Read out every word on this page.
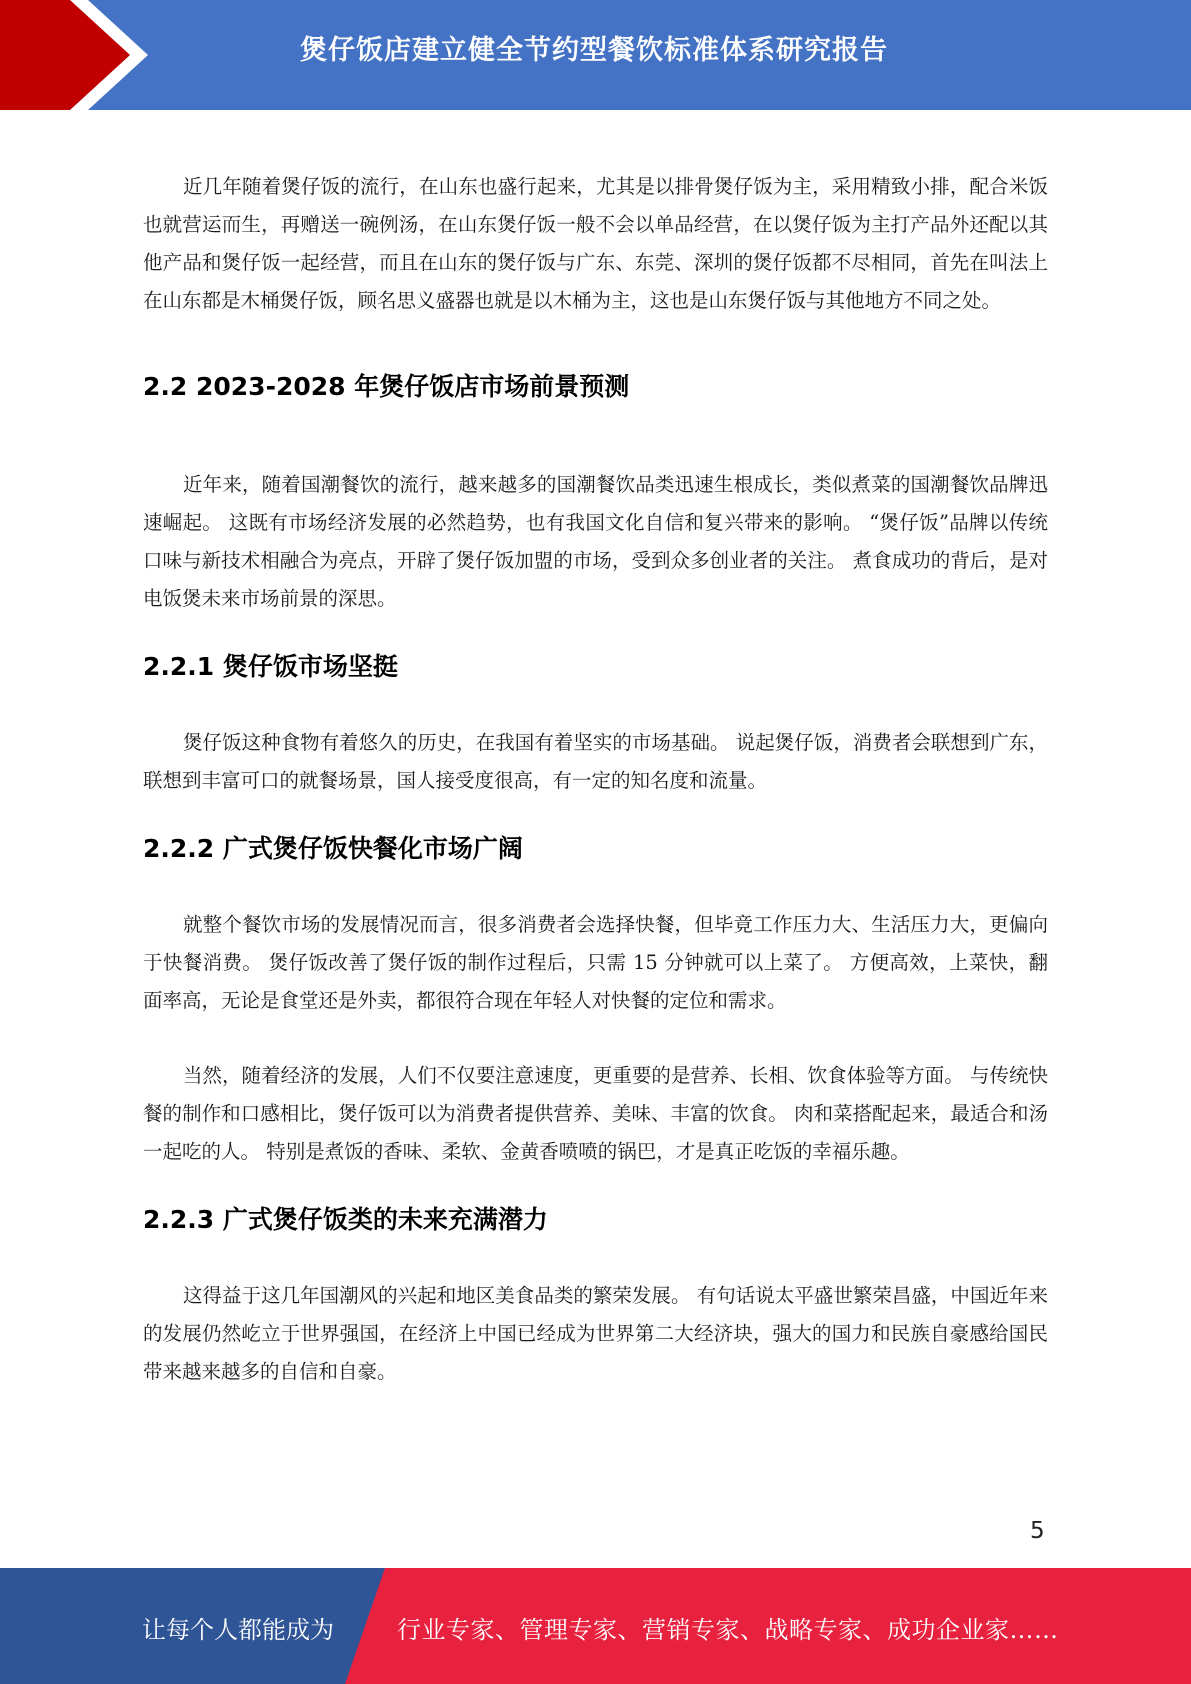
煲仔饭店建立健全节约型餐饮标准体系研究报告

近几年随着煲仔饭的流行，在山东也盛行起来，尤其是以排骨煲仔饭为主，采用精致小排，配合米饭也就营运而生，再赠送一碗例汤，在山东煲仔饭一般不会以单品经营，在以煲仔饭为主打产品外还配以其他产品和煲仔饭一起经营，而且在山东的煲仔饭与广东、东莞、深圳的煲仔饭都不尽相同，首先在叫法上在山东都是木桶煲仔饭，顾名思义盛器也就是以木桶为主，这也是山东煲仔饭与其他地方不同之处。

2.2 2023-2028 年煲仔饭店市场前景预测

近年来，随着国潮餐饮的流行，越来越多的国潮餐饮品类迅速生根成长，类似煮菜的国潮餐饮品牌迅速崛起。 这既有市场经济发展的必然趋势，也有我国文化自信和复兴带来的影响。 “煲仔饭”品牌以传统口味与新技术相融合为亮点，开辟了煲仔饭加盟的市场，受到众多创业者的关注。 煮食成功的背后，是对电饭煲未来市场前景的深思。

2.2.1 煲仔饭市场坚挺

煲仔饭这种食物有着悠久的历史，在我国有着坚实的市场基础。 说起煲仔饭，消费者会联想到广东，联想到丰富可口的就餐场景，国人接受度很高，有一定的知名度和流量。

2.2.2 广式煲仔饭快餐化市场广阔

就整个餐饮市场的发展情况而言，很多消费者会选择快餐，但毕竟工作压力大、生活压力大，更偏向于快餐消费。 煲仔饭改善了煲仔饭的制作过程后，只需 15 分钟就可以上菜了。 方便高效，上菜快，翻面率高，无论是食堂还是外卖，都很符合现在年轻人对快餐的定位和需求。

当然，随着经济的发展，人们不仅要注意速度，更重要的是营养、长相、饮食体验等方面。 与传统快餐的制作和口感相比，煲仔饭可以为消费者提供营养、美味、丰富的饮食。 肉和菜搭配起来，最适合和汤一起吃的人。 特别是煮饭的香味、柔软、金黄香喷喷的锅巴，才是真正吃饭的幸福乐趣。

2.2.3 广式煲仔饭类的未来充满潜力

这得益于这几年国潮风的兴起和地区美食品类的繁荣发展。 有句话说太平盛世繁荣昌盛，中国近年来的发展仍然屹立于世界强国，在经济上中国已经成为世界第二大经济块，强大的国力和民族自豪感给国民带来越来越多的自信和自豪。

5
让每个人都能成为	行业专家、管理专家、营销专家、战略专家、成功企业家……
